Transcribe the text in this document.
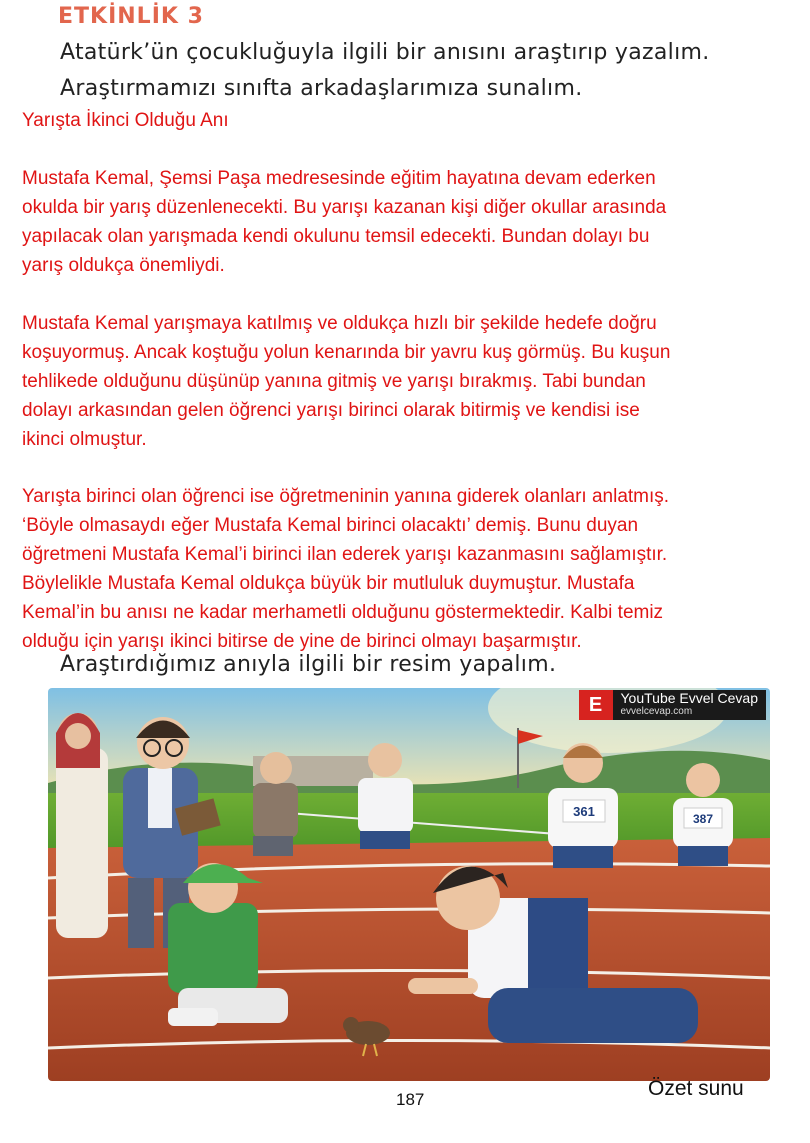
ETKİNLİK 3
Atatürk’ün çocukluğuyla ilgili bir anısını araştırıp yazalım.
Araştırmamızı sınıfta arkadaşlarımıza sunalım.

Yarışta İkinci Olduğu Anı

Mustafa Kemal, Şemsi Paşa medresesinde eğitim hayatına devam ederken

okulda bir yarış düzenlenecekti. Bu yarışı kazanan kişi diğer okullar arasında

yapılacak olan yarışmada kendi okulunu temsil edecekti. Bundan dolayı bu

yarış oldukça önemliydi.

Mustafa Kemal yarışmaya katılmış ve oldukça hızlı bir şekilde hedefe doğru

koşuyormuş. Ancak koştuğu yolun kenarında bir yavru kuş görmüş. Bu kuşun

tehlikede olduğunu düşünüp yanına gitmiş ve yarışı bırakmış. Tabi bundan

dolayı arkasından gelen öğrenci yarışı birinci olarak bitirmiş ve kendisi ise

ikinci olmuştur.

Yarışta birinci olan öğrenci ise öğretmeninin yanına giderek olanları anlatmış.

‘Böyle olmasaydı eğer Mustafa Kemal birinci olacaktı’ demiş. Bunu duyan

öğretmeni Mustafa Kemal’i birinci ilan ederek yarışı kazanmasını sağlamıştır.

Böylelikle Mustafa Kemal oldukça büyük bir mutluluk duymuştur. Mustafa

Kemal’in bu anısı ne kadar merhametli olduğunu göstermektedir. Kalbi temiz

olduğu için yarışı ikinci bitirse de yine de birinci olmayı başarmıştır.

Araştırdığımız anıyla ilgili bir resim yapalım.
361	387
E	YouTube Evvel Cevap
evvelcevap.com
187	Özet sunu
